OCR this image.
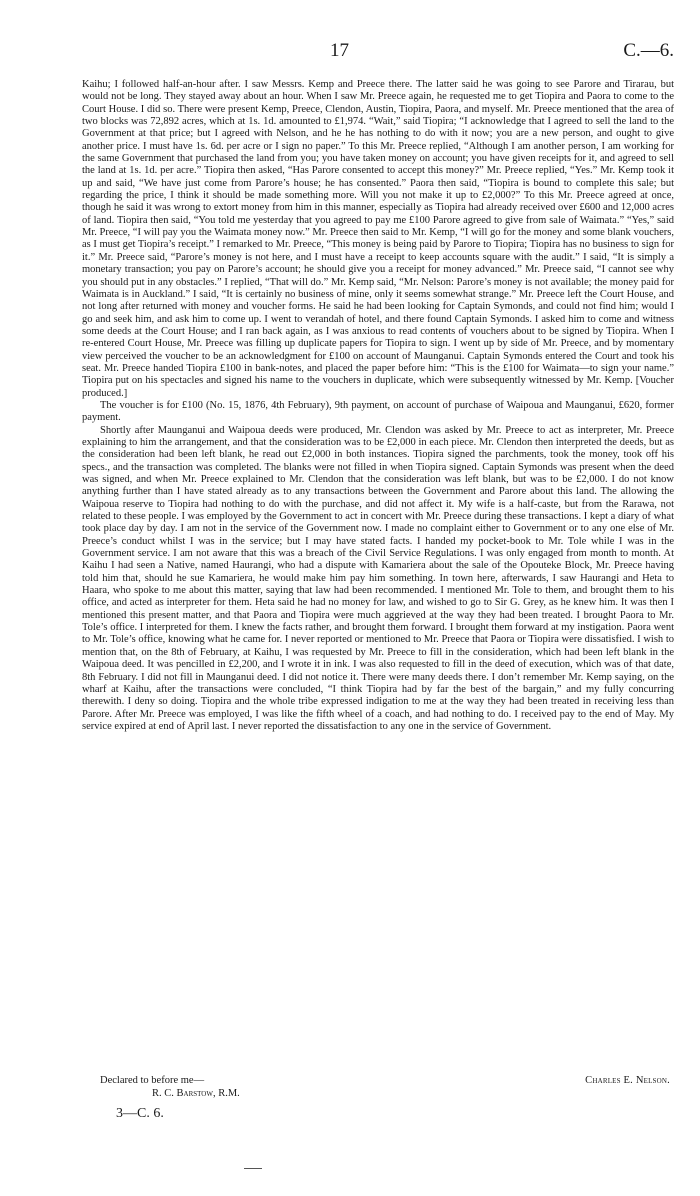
17	C.—6.

Kaihu; I followed half-an-hour after. I saw Messrs. Kemp and Preece there. The latter said he was going to see Parore and Tirarau, but would not be long. They stayed away about an hour. When I saw Mr. Preece again, he requested me to get Tiopira and Paora to come to the Court House. I did so. There were present Kemp, Preece, Clendon, Austin, Tiopira, Paora, and myself. Mr. Preece mentioned that the area of two blocks was 72,892 acres, which at 1s. 1d. amounted to £1,974. “Wait,” said Tiopira; “I acknowledge that I agreed to sell the land to the Government at that price; but I agreed with Nelson, and he he has nothing to do with it now; you are a new person, and ought to give another price. I must have 1s. 6d. per acre or I sign no paper.” To this Mr. Preece replied, “Although I am another person, I am working for the same Government that purchased the land from you; you have taken money on account; you have given receipts for it, and agreed to sell the land at 1s. 1d. per acre.” Tiopira then asked, “Has Parore consented to accept this money?” Mr. Preece replied, “Yes.” Mr. Kemp took it up and said, “We have just come from Parore’s house; he has consented.” Paora then said, “Tiopira is bound to complete this sale; but regarding the price, I think it should be made something more. Will you not make it up to £2,000?” To this Mr. Preece agreed at once, though he said it was wrong to extort money from him in this manner, especially as Tiopira had already received over £600 and 12,000 acres of land. Tiopira then said, “You told me yesterday that you agreed to pay me £100 Parore agreed to give from sale of Waimata.” “Yes,” said Mr. Preece, “I will pay you the Waimata money now.” Mr. Preece then said to Mr. Kemp, “I will go for the money and some blank vouchers, as I must get Tiopira’s receipt.” I remarked to Mr. Preece, “This money is being paid by Parore to Tiopira; Tiopira has no business to sign for it.” Mr. Preece said, “Parore’s money is not here, and I must have a receipt to keep accounts square with the audit.” I said, “It is simply a monetary transaction; you pay on Parore’s account; he should give you a receipt for money advanced.” Mr. Preece said, “I cannot see why you should put in any obstacles.” I replied, “That will do.” Mr. Kemp said, “Mr. Nelson: Parore’s money is not available; the money paid for Waimata is in Auckland.” I said, “It is certainly no business of mine, only it seems somewhat strange.” Mr. Preece left the Court House, and not long after returned with money and voucher forms. He said he had been looking for Captain Symonds, and could not find him; would I go and seek him, and ask him to come up. I went to verandah of hotel, and there found Captain Symonds. I asked him to come and witness some deeds at the Court House; and I ran back again, as I was anxious to read contents of vouchers about to be signed by Tiopira. When I re-entered Court House, Mr. Preece was filling up duplicate papers for Tiopira to sign. I went up by side of Mr. Preece, and by momentary view perceived the voucher to be an acknowledgment for £100 on account of Maunganui. Captain Symonds entered the Court and took his seat. Mr. Preece handed Tiopira £100 in bank-notes, and placed the paper before him: “This is the £100 for Waimata—to sign your name.” Tiopira put on his spectacles and signed his name to the vouchers in duplicate, which were subsequently witnessed by Mr. Kemp. [Voucher produced.]

The voucher is for £100 (No. 15, 1876, 4th February), 9th payment, on account of purchase of Waipoua and Maunganui, £620, former payment.

Shortly after Maunganui and Waipoua deeds were produced, Mr. Clendon was asked by Mr. Preece to act as interpreter, Mr. Preece explaining to him the arrangement, and that the consideration was to be £2,000 in each piece. Mr. Clendon then interpreted the deeds, but as the consideration had been left blank, he read out £2,000 in both instances. Tiopira signed the parchments, took the money, took off his specs., and the transaction was completed. The blanks were not filled in when Tiopira signed. Captain Symonds was present when the deed was signed, and when Mr. Preece explained to Mr. Clendon that the consideration was left blank, but was to be £2,000. I do not know anything further than I have stated already as to any transactions between the Government and Parore about this land. The allowing the Waipoua reserve to Tiopira had nothing to do with the purchase, and did not affect it. My wife is a half-caste, but from the Rarawa, not related to these people. I was employed by the Government to act in concert with Mr. Preece during these transactions. I kept a diary of what took place day by day. I am not in the service of the Government now. I made no complaint either to Government or to any one else of Mr. Preece’s conduct whilst I was in the service; but I may have stated facts. I handed my pocket-book to Mr. Tole while I was in the Government service. I am not aware that this was a breach of the Civil Service Regulations. I was only engaged from month to month. At Kaihu I had seen a Native, named Haurangi, who had a dispute with Kamariera about the sale of the Opouteke Block, Mr. Preece having told him that, should he sue Kamariera, he would make him pay him something. In town here, afterwards, I saw Haurangi and Heta to Haara, who spoke to me about this matter, saying that law had been recommended. I mentioned Mr. Tole to them, and brought them to his office, and acted as interpreter for them. Heta said he had no money for law, and wished to go to Sir G. Grey, as he knew him. It was then I mentioned this present matter, and that Paora and Tiopira were much aggrieved at the way they had been treated. I brought Paora to Mr. Tole’s office. I interpreted for them. I knew the facts rather, and brought them forward. I brought them forward at my instigation. Paora went to Mr. Tole’s office, knowing what he came for. I never reported or mentioned to Mr. Preece that Paora or Tiopira were dissatisfied. I wish to mention that, on the 8th of February, at Kaihu, I was requested by Mr. Preece to fill in the consideration, which had been left blank in the Waipoua deed. It was pencilled in £2,200, and I wrote it in ink. I was also requested to fill in the deed of execution, which was of that date, 8th February. I did not fill in Maunganui deed. I did not notice it. There were many deeds there. I don’t remember Mr. Kemp saying, on the wharf at Kaihu, after the transactions were concluded, “I think Tiopira had by far the best of the bargain,” and my fully concurring therewith. I deny so doing. Tiopira and the whole tribe expressed indigation to me at the way they had been treated in receiving less than Parore. After Mr. Preece was employed, I was like the fifth wheel of a coach, and had nothing to do. I received pay to the end of May. My service expired at end of April last. I never reported the dissatisfaction to any one in the service of Government.

Declared to before me—	Charles E. Nelson.
R. C. Barstow, R.M.
3—C. 6.
